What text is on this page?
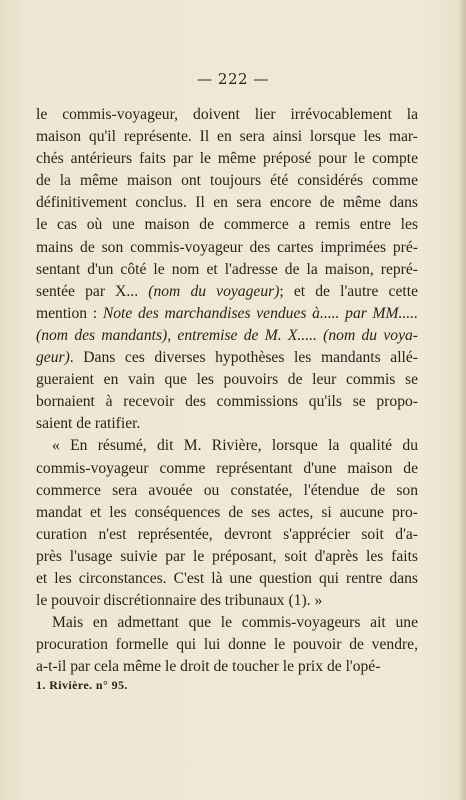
— 222 —
le commis-voyageur, doivent lier irrévocablement la
maison qu'il représente. Il en sera ainsi lorsque les mar-
chés antérieurs faits par le même préposé pour le compte
de la même maison ont toujours été considérés comme
définitivement conclus. Il en sera encore de même dans
le cas où une maison de commerce a remis entre les
mains de son commis-voyageur des cartes imprimées pré-
sentant d'un côté le nom et l'adresse de la maison, repré-
sentée par X... (nom du voyageur); et de l'autre cette
mention : Note des marchandises vendues à..... par MM.....
(nom des mandants), entremise de M. X..... (nom du voya-
geur). Dans ces diverses hypothèses les mandants allé-
gueraient en vain que les pouvoirs de leur commis se
bornaient à recevoir des commissions qu'ils se propo-
saient de ratifier.
« En résumé, dit M. Rivière, lorsque la qualité du
commis-voyageur comme représentant d'une maison de
commerce sera avouée ou constatée, l'étendue de son
mandat et les conséquences de ses actes, si aucune pro-
curation n'est représentée, devront s'apprécier soit d'a-
près l'usage suivie par le préposant, soit d'après les faits
et les circonstances. C'est là une question qui rentre dans
le pouvoir discrétionnaire des tribunaux (1). »
Mais en admettant que le commis-voyageurs ait une
procuration formelle qui lui donne le pouvoir de vendre,
a-t-il par cela même le droit de toucher le prix de l'opé-
1. Rivière. n° 95.
